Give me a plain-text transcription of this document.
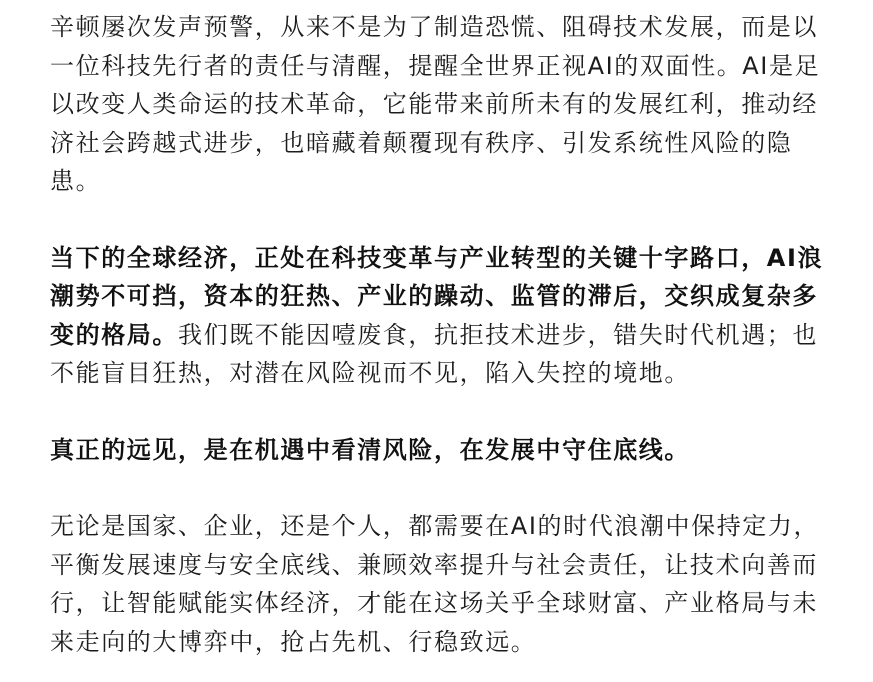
辛顿屡次发声预警，从来不是为了制造恐慌、阻碍技术发展，而是以一位科技先行者的责任与清醒，提醒全世界正视AI的双面性。AI是足以改变人类命运的技术革命，它能带来前所未有的发展红利，推动经济社会跨越式进步，也暗藏着颠覆现有秩序、引发系统性风险的隐患。

当下的全球经济，正处在科技变革与产业转型的关键十字路口，AI浪潮势不可挡，资本的狂热、产业的躁动、监管的滞后，交织成复杂多变的格局。我们既不能因噎废食，抗拒技术进步，错失时代机遇；也不能盲目狂热，对潜在风险视而不见，陷入失控的境地。

真正的远见，是在机遇中看清风险，在发展中守住底线。

无论是国家、企业，还是个人，都需要在AI的时代浪潮中保持定力，平衡发展速度与安全底线、兼顾效率提升与社会责任，让技术向善而行，让智能赋能实体经济，才能在这场关乎全球财富、产业格局与未来走向的大博弈中，抢占先机、行稳致远。
